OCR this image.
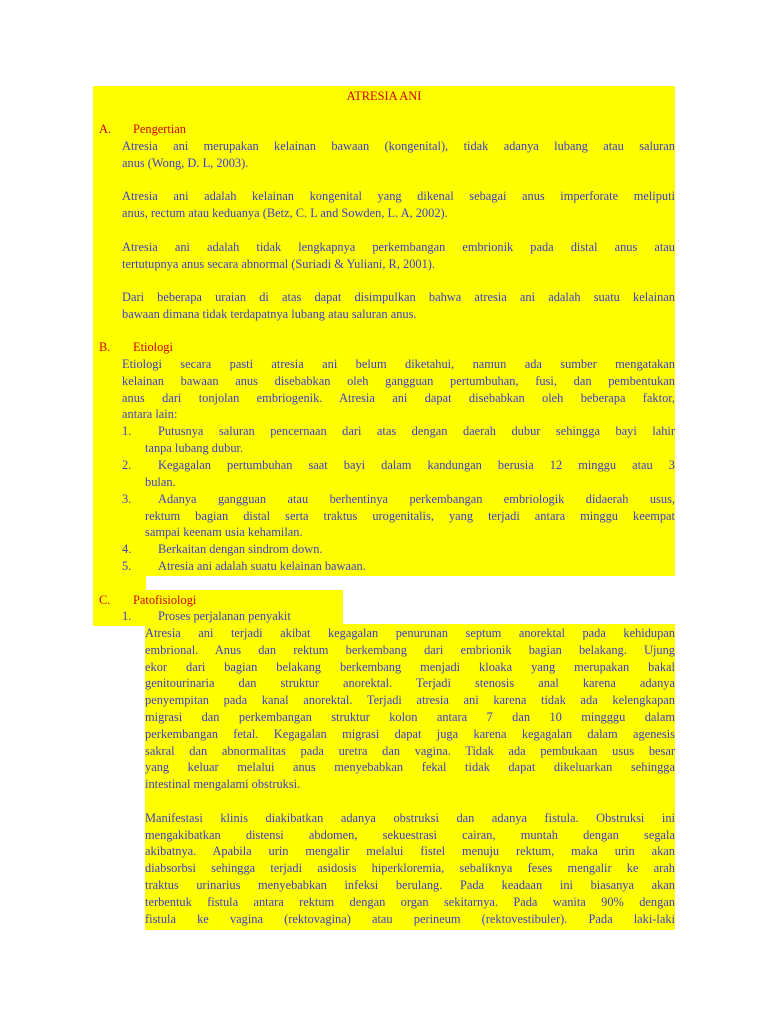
ATRESIA ANI
A. Pengertian
Atresia ani merupakan kelainan bawaan (kongenital), tidak adanya lubang atau saluran
anus (Wong, D. L, 2003).
Atresia ani adalah kelainan kongenital yang dikenal sebagai anus imperforate meliputi
anus, rectum atau keduanya (Betz, C. L and Sowden, L. A, 2002).
Atresia ani adalah tidak lengkapnya perkembangan embrionik pada distal anus atau
tertutupnya anus secara abnormal (Suriadi & Yuliani, R, 2001).
Dari beberapa uraian di atas dapat disimpulkan bahwa atresia ani adalah suatu kelainan
bawaan dimana tidak terdapatnya lubang atau saluran anus.
B. Etiologi
Etiologi secara pasti atresia ani belum diketahui, namun ada sumber mengatakan
kelainan bawaan anus disebabkan oleh gangguan pertumbuhan, fusi, dan pembentukan
anus dari tonjolan embriogenik. Atresia ani dapat disebabkan oleh beberapa faktor,
antara lain:
1. Putusnya saluran pencernaan dari atas dengan daerah dubur sehingga bayi lahir
tanpa lubang dubur.
2. Kegagalan pertumbuhan saat bayi dalam kandungan berusia 12 minggu atau 3
bulan.
3. Adanya gangguan atau berhentinya perkembangan embriologik didaerah usus,
rektum bagian distal serta traktus urogenitalis, yang terjadi antara minggu keempat
sampai keenam usia kehamilan.
4. Berkaitan dengan sindrom down.
5. Atresia ani adalah suatu kelainan bawaan.
C. Patofisiologi
1. Proses perjalanan penyakit
Atresia ani terjadi akibat kegagalan penurunan septum anorektal pada kehidupan
embrional. Anus dan rektum berkembang dari embrionik bagian belakang. Ujung
ekor dari bagian belakang berkembang menjadi kloaka yang merupakan bakal
genitourinaria dan struktur anorektal. Terjadi stenosis anal karena adanya
penyempitan pada kanal anorektal. Terjadi atresia ani karena tidak ada kelengkapan
migrasi dan perkembangan struktur kolon antara 7 dan 10 mingggu dalam
perkembangan fetal. Kegagalan migrasi dapat juga karena kegagalan dalam agenesis
sakral dan abnormalitas pada uretra dan vagina. Tidak ada pembukaan usus besar
yang keluar melalui anus menyebabkan fekal tidak dapat dikeluarkan sehingga
intestinal mengalami obstruksi.
Manifestasi klinis diakibatkan adanya obstruksi dan adanya fistula. Obstruksi ini
mengakibatkan distensi abdomen, sekuestrasi cairan, muntah dengan segala
akibatnya. Apabila urin mengalir melalui fistel menuju rektum, maka urin akan
diabsorbsi sehingga terjadi asidosis hiperkloremia, sebaliknya feses mengalir ke arah
traktus urinarius menyebabkan infeksi berulang. Pada keadaan ini biasanya akan
terbentuk fistula antara rektum dengan organ sekitarnya. Pada wanita 90% dengan
fistula ke vagina (rektovagina) atau perineum (rektovestibuler). Pada laki-laki
